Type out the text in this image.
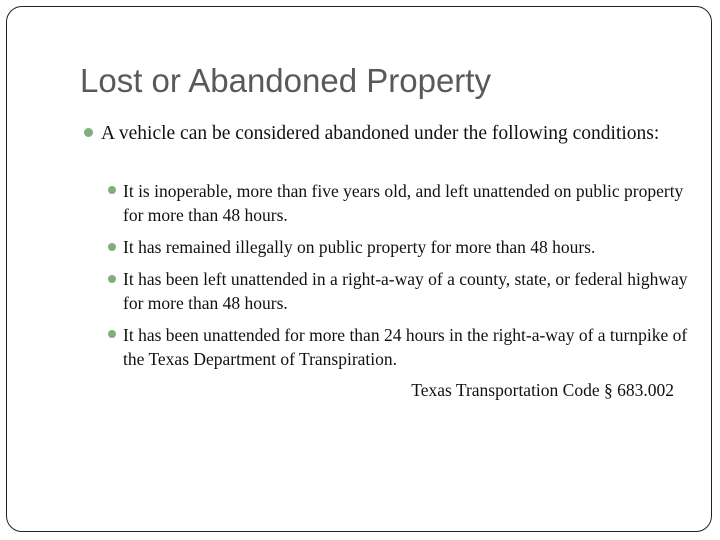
Lost or Abandoned Property
A vehicle can be considered abandoned under the following conditions:
It is inoperable, more than five years old, and left unattended on public property for more than 48 hours.
It has remained illegally on public property for more than 48 hours.
It has been left unattended in a right-a-way of a county, state, or federal highway for more than 48 hours.
It has been unattended for more than 24 hours in the right-a-way of a turnpike of the Texas Department of Transpiration.
Texas Transportation Code § 683.002
